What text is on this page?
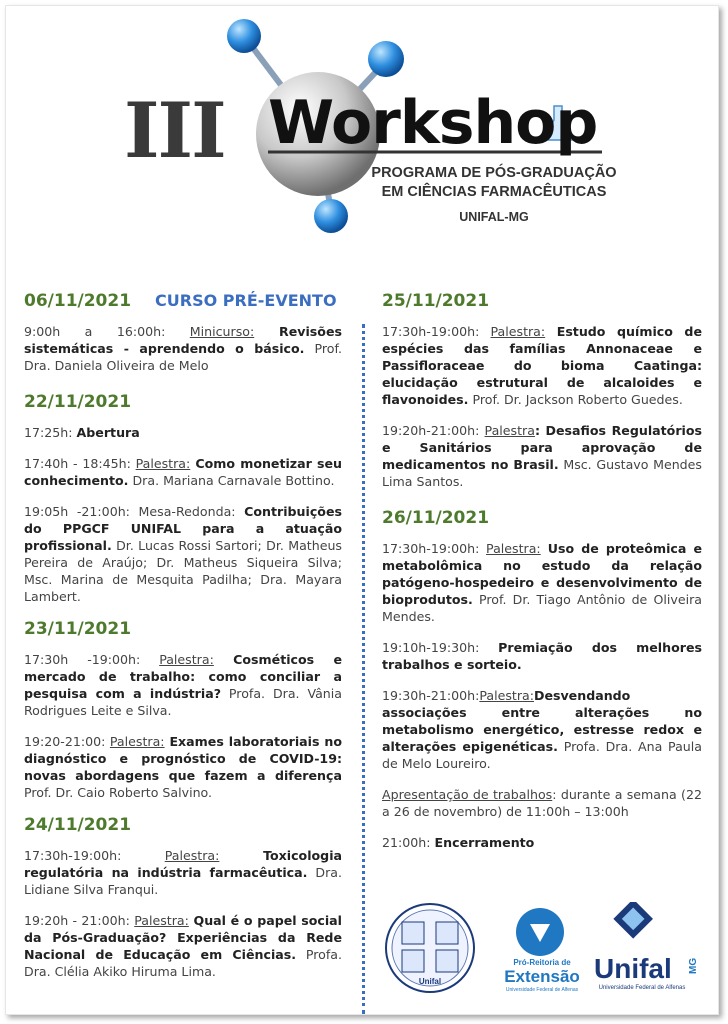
III Workshop
PROGRAMA DE PÓS-GRADUAÇÃO
EM CIÊNCIAS FARMACÊUTICAS
UNIFAL-MG
06/11/2021 CURSO PRÉ-EVENTO

9:00h a 16:00h: Minicurso: Revisões sistemáticas - aprendendo o básico. Prof. Dra. Daniela Oliveira de Melo

22/11/2021

17:25h: Abertura

17:40h - 18:45h: Palestra: Como monetizar seu conhecimento. Dra. Mariana Carnavale Bottino.

19:05h -21:00h: Mesa-Redonda: Contribuições do PPGCF UNIFAL para a atuação profissional. Dr. Lucas Rossi Sartori; Dr. Matheus Pereira de Araújo; Dr. Matheus Siqueira Silva; Msc. Marina de Mesquita Padilha; Dra. Mayara Lambert.

23/11/2021

17:30h -19:00h: Palestra: Cosméticos e mercado de trabalho: como conciliar a pesquisa com a indústria? Profa. Dra. Vânia Rodrigues Leite e Silva.

19:20-21:00: Palestra: Exames laboratoriais no diagnóstico e prognóstico de COVID-19: novas abordagens que fazem a diferença Prof. Dr. Caio Roberto Salvino.

24/11/2021

17:30h-19:00h: Palestra: Toxicologia regulatória na indústria farmacêutica. Dra. Lidiane Silva Franqui.

19:20h - 21:00h: Palestra: Qual é o papel social da Pós-Graduação? Experiências da Rede Nacional de Educação em Ciências. Profa. Dra. Clélia Akiko Hiruma Lima.

25/11/2021

17:30h-19:00h: Palestra: Estudo químico de espécies das famílias Annonaceae e Passifloraceae do bioma Caatinga: elucidação estrutural de alcaloides e flavonoides. Prof. Dr. Jackson Roberto Guedes.

19:20h-21:00h: Palestra: Desafios Regulatórios e Sanitários para aprovação de medicamentos no Brasil. Msc. Gustavo Mendes Lima Santos.

26/11/2021

17:30h-19:00h: Palestra: Uso de proteômica e metabolômica no estudo da relação patógeno-hospedeiro e desenvolvimento de bioprodutos. Prof. Dr. Tiago Antônio de Oliveira Mendes.

19:10h-19:30h: Premiação dos melhores trabalhos e sorteio.

19:30h-21:00h:Palestra:Desvendando associações entre alterações no metabolismo energético, estresse redox e alterações epigenéticas. Profa. Dra. Ana Paula de Melo Loureiro.

Apresentação de trabalhos: durante a semana (22 a 26 de novembro) de 11:00h – 13:00h

21:00h: Encerramento

Unifal
Pró-Reitoria de
Extensão
Universidade Federal de Alfenas
Unifal MG
Universidade Federal de Alfenas
